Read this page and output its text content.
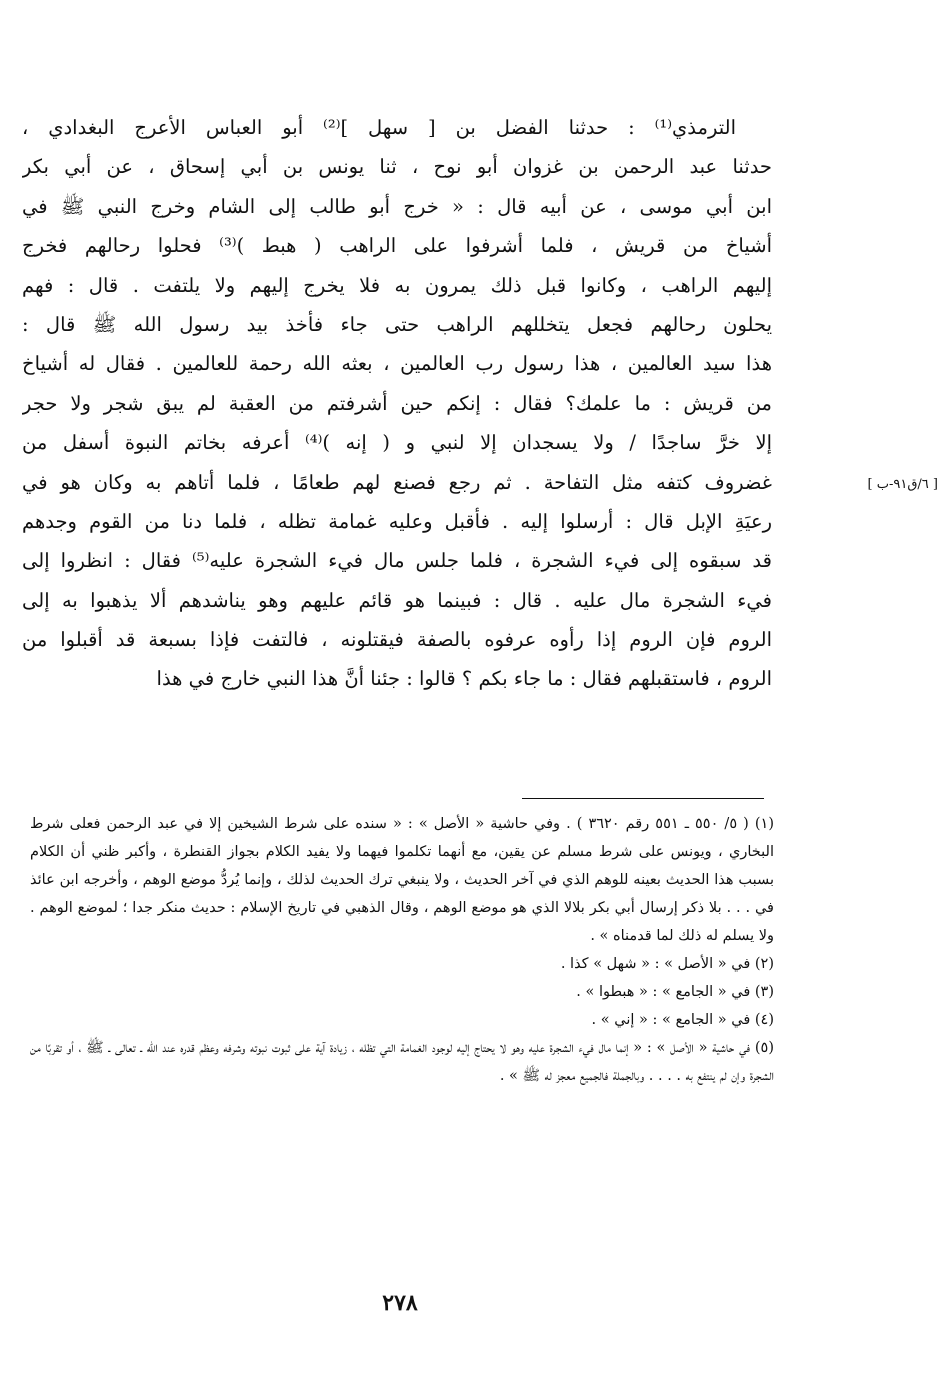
الترمذي⁽¹⁾ : حدثنا الفضل بن [ سهل ]⁽²⁾ أبو العباس الأعرج البغدادي ،
حدثنا عبد الرحمن بن غزوان أبو نوح ، ثنا يونس بن أبي إسحاق ، عن أبي بكر
ابن أبي موسى ، عن أبيه قال : « خرج أبو طالب إلى الشام وخرج النبي ﷺ في
أشياخ من قريش ، فلما أشرفوا على الراهب ( هبط )⁽³⁾ فحلوا رحالهم فخرج
إليهم الراهب ، وكانوا قبل ذلك يمرون به فلا يخرج إليهم ولا يلتفت . قال : فهم
يحلون رحالهم فجعل يتخللهم الراهب حتى جاء فأخذ بيد رسول الله ﷺ قال :
هذا سيد العالمين ، هذا رسول رب العالمين ، بعثه الله رحمة للعالمين . فقال له أشياخ
من قريش : ما علمك؟ فقال : إنكم حين أشرفتم من العقبة لم يبق شجر ولا حجر
إلا خرَّ ساجدًا / ولا يسجدان إلا لنبي و ( إنه )⁽⁴⁾ أعرفه بخاتم النبوة أسفل من
غضروف كتفه مثل التفاحة . ثم رجع فصنع لهم طعامًا ، فلما أتاهم به وكان هو في
رعيَةِ الإبل قال : أرسلوا إليه . فأقبل وعليه غمامة تظله ، فلما دنا من القوم وجدهم
قد سبقوه إلى فيء الشجرة ، فلما جلس مال فيء الشجرة عليه⁽⁵⁾ فقال : انظروا إلى
فيء الشجرة مال عليه . قال : فبينما هو قائم عليهم وهو يناشدهم ألا يذهبوا به إلى
الروم فإن الروم إذا رأوه عرفوه بالصفة فيقتلونه ، فالتفت فإذا بسبعة قد أقبلوا من
الروم ، فاستقبلهم فقال : ما جاء بكم ؟ قالوا : جئنا أنَّ هذا النبي خارج في هذا
[ ٦/ق٩١-ب ]
(١) ( ٥/ ٥٥٠ ـ ٥٥١ رقم ٣٦٢٠ ) . وفي حاشية « الأصل » : « سنده على شرط الشيخين إلا في عبد الرحمن فعلى شرط البخاري ، ويونس على شرط مسلم عن يقين، مع أنهما تكلموا فيهما ولا يفيد الكلام بجواز القنطرة ، وأكبر ظني أن الكلام بسبب هذا الحديث بعينه للوهم الذي في آخر الحديث ، ولا ينبغي ترك الحديث لذلك ، وإنما يُردُّ موضع الوهم ، وأخرجه ابن عائذ في . . . بلا ذكر إرسال أبي بكر بلالا الذي هو موضع الوهم ، وقال الذهبي في تاريخ الإسلام : حديث منكر جدا ؛ لموضع الوهم . ولا يسلم له ذلك لما قدمناه » .
(٢) في « الأصل » : « شهل » كذا .
(٣) في « الجامع » : « هبطوا » .
(٤) في « الجامع » : « إني » .
(٥) في حاشية « الأصل » : « إنما مال فيء الشجرة عليه وهو لا يحتاج إليه لوجود الغمامة التي تظله ، زيادة آية على ثبوت نبوته وشرفه وعظم قدره عند الله ـ تعالى ـ ﷺ ، أو تقربًا من الشجرة وإن لم ينتفع به . . . . وبالجملة فالجميع معجز له ﷺ » .
٢٧٨
